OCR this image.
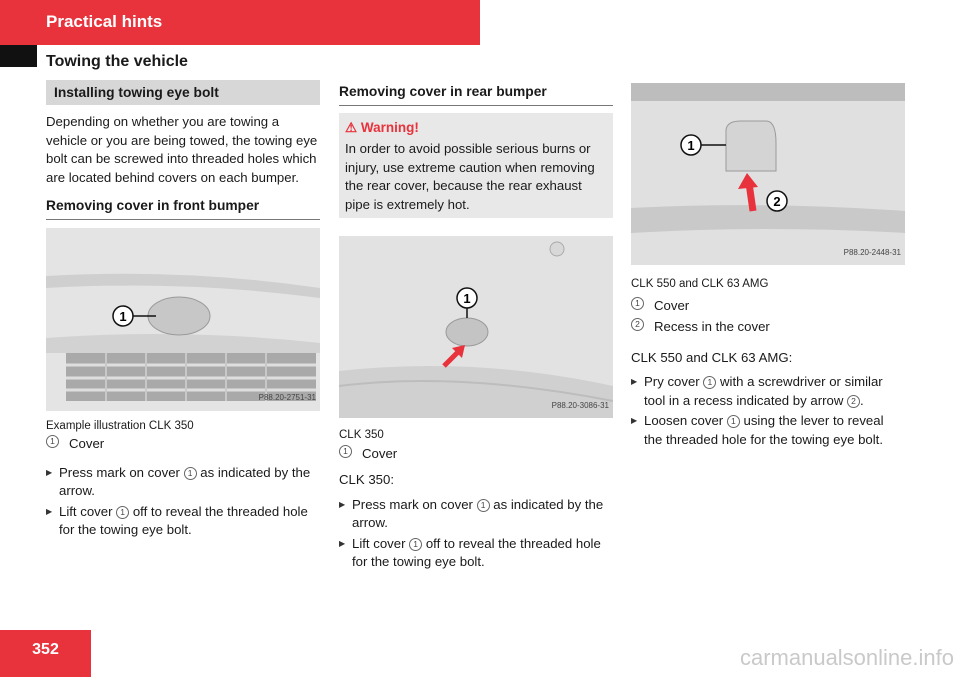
Practical hints
Towing the vehicle
Installing towing eye bolt

Depending on whether you are towing a vehicle or you are being towed, the towing eye bolt can be screwed into threaded holes which are located behind covers on each bumper.

Removing cover in front bumper
1
P88.20-2751-31
Example illustration CLK 350
1	Cover
▶ Press mark on cover 1 as indicated by the arrow.
▶ Lift cover 1 off to reveal the threaded hole for the towing eye bolt.
Removing cover in rear bumper
⚠ Warning!

In order to avoid possible serious burns or injury, use extreme caution when removing the rear cover, because the rear exhaust pipe is extremely hot.

1
P88.20-3086-31
CLK 350
1	Cover

CLK 350:

▶ Press mark on cover 1 as indicated by the arrow.
▶ Lift cover 1 off to reveal the threaded hole for the towing eye bolt.
1
2
P88.20-2448-31
CLK 550 and CLK 63 AMG
1	Cover
2	Recess in the cover

CLK 550 and CLK 63 AMG:

▶ Pry cover 1 with a screwdriver or similar tool in a recess indicated by arrow 2 .
▶ Loosen cover 1 using the lever to reveal the threaded hole for the towing eye bolt.
352	carmanualsonline.info
